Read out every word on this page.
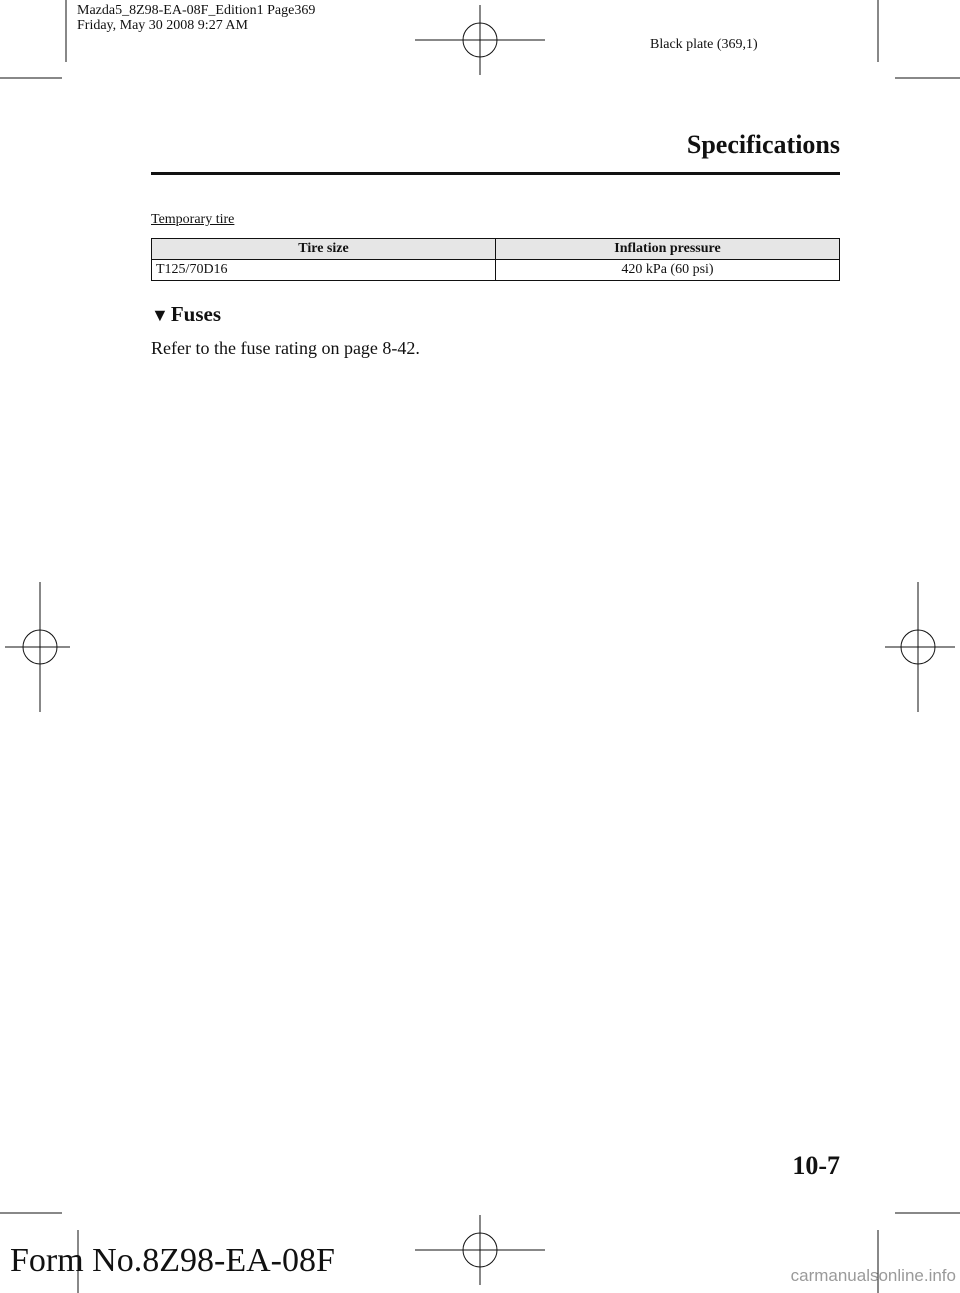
Mazda5_8Z98-EA-08F_Edition1 Page369
Friday, May 30 2008 9:27 AM
Black plate (369,1)
Specifications
Temporary tire
Tire size	Inflation pressure
T125/70D16	420 kPa (60 psi)
▼Fuses
Refer to the fuse rating on page 8-42.
10-7
Form No.8Z98-EA-08F	carmanualsonline.info
